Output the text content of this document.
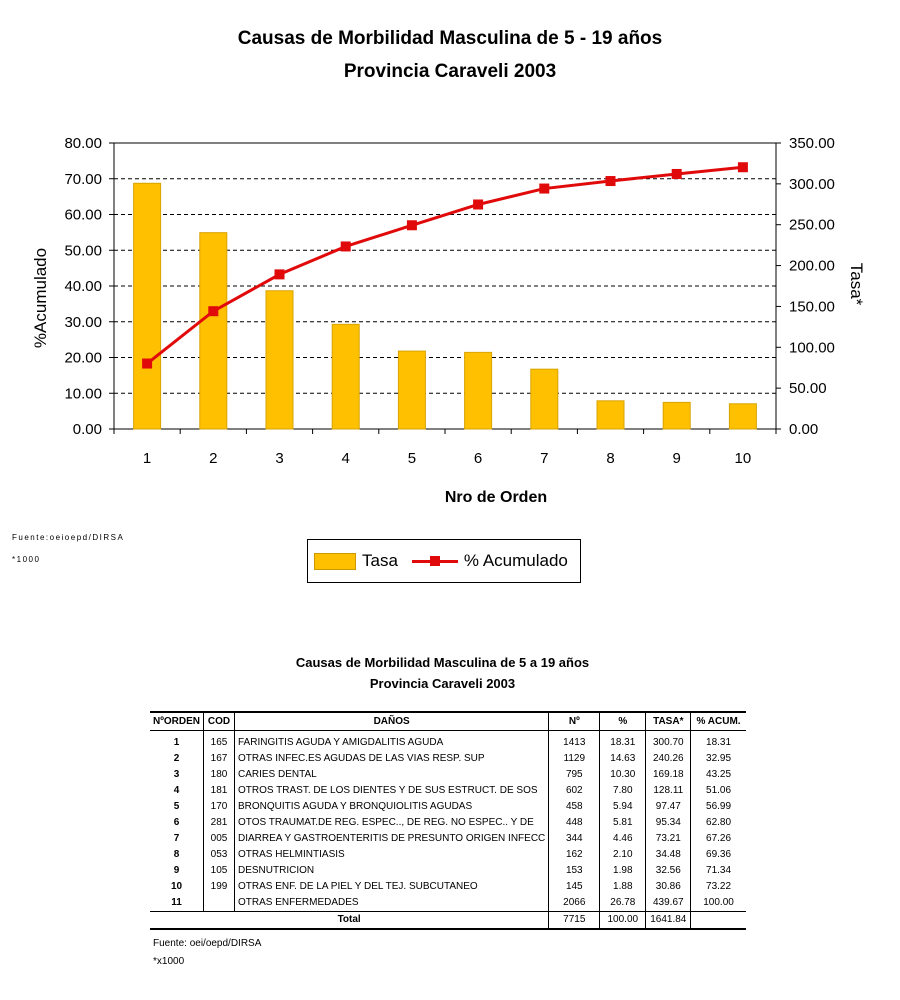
Causas de Morbilidad Masculina de 5 - 19 años
Provincia Caraveli 2003
0.00
10.00
20.00
30.00
40.00
50.00
60.00
70.00
80.00
0.00
50.00
100.00
150.00
200.00
250.00
300.00
350.00
1	2	3	4	5	6	7	8	9	10
Nro de Orden
%Acumulado	Tasa*
Fuente:oeioepd/DIRSA
*1000	Tasa	% Acumulado
Causas de Morbilidad Masculina de 5 a 19 años
Provincia Caraveli 2003
NºORDEN	COD	DAÑOS	Nº	%	TASA*	% ACUM.
1	165	FARINGITIS AGUDA Y AMIGDALITIS AGUDA	1413	18.31	300.70	18.31
2	167	OTRAS INFEC.ES AGUDAS DE LAS VIAS RESP. SUP	1129	14.63	240.26	32.95
3	180	CARIES DENTAL	795	10.30	169.18	43.25
4	181	OTROS TRAST. DE LOS DIENTES Y DE SUS ESTRUCT. DE SOS	602	7.80	128.11	51.06
5	170	BRONQUITIS AGUDA Y BRONQUIOLITIS AGUDAS	458	5.94	97.47	56.99
6	281	OTOS TRAUMAT.DE REG. ESPEC.., DE REG. NO ESPEC.. Y DE	448	5.81	95.34	62.80
7	005	DIARREA Y GASTROENTERITIS DE PRESUNTO ORIGEN INFECC	344	4.46	73.21	67.26
8	053	OTRAS HELMINTIASIS	162	2.10	34.48	69.36
9	105	DESNUTRICION	153	1.98	32.56	71.34
10	199	OTRAS ENF. DE LA PIEL Y DEL TEJ. SUBCUTANEO	145	1.88	30.86	73.22
11		OTRAS ENFERMEDADES	2066	26.78	439.67	100.00
Total			7715	100.00	1641.84	
Fuente: oei/oepd/DIRSA
*x1000
